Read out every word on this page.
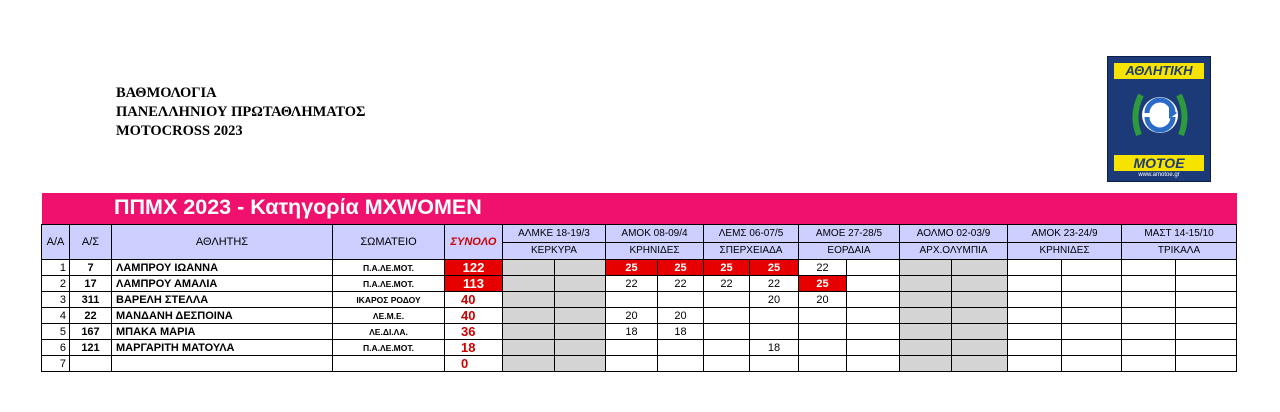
ΒΑΘΜΟΛΟΓΙΑ
ΠΑΝΕΛΛΗΝΙΟΥ ΠΡΩΤΑΘΛΗΜΑΤΟΣ
MOTOCROSS 2023
ΑΘΛΗΤΙΚΗ
ΜΟΤΟΕ
www.amotoe.gr
ΠΠΜΧ 2023 - Κατηγορία MXWOMEN
Α/Α	Α/Σ	ΑΘΛΗΤΗΣ	ΣΩΜΑΤΕΙΟ	ΣΥΝΟΛΟ	ΑΛΜΚΕ 18-19/3		ΑΜΟΚ 08-09/4		ΛΕΜΣ 06-07/5		ΑΜΟΕ 27-28/5		ΑΟΛΜΟ 02-03/9		ΑΜΟΚ 23-24/9		ΜΑΣΤ 14-15/10	
					ΚΕΡΚΥΡΑ		ΚΡΗΝΙΔΕΣ		ΣΠΕΡΧΕΙΑΔΑ		ΕΟΡΔΑΙΑ		ΑΡΧ.ΟΛΥΜΠΙΑ		ΚΡΗΝΙΔΕΣ		ΤΡΙΚΑΛΑ	
1	7	ΛΑΜΠΡΟΥ ΙΩΑΝΝΑ	Π.Α.ΛΕ.ΜΟΤ.	122			25	25	25	25	22							
2	17	ΛΑΜΠΡΟΥ ΑΜΑΛΙΑ	Π.Α.ΛΕ.ΜΟΤ.	113			22	22	22	22	25							
3	311	ΒΑΡΕΛΗ ΣΤΕΛΛΑ	ΙΚΑΡΟΣ ΡΟΔΟΥ	40						20	20							
4	22	ΜΑΝΔΑΝΗ ΔΕΣΠΟΙΝΑ	ΛΕ.Μ.Ε.	40			20	20										
5	167	ΜΠΑΚΑ ΜΑΡΙΑ	ΛΕ.ΔΙ.ΛΑ.	36			18	18										
6	121	ΜΑΡΓΑΡΙΤΗ ΜΑΤΟΥΛΑ	Π.Α.ΛΕ.ΜΟΤ.	18						18								
7				0														
